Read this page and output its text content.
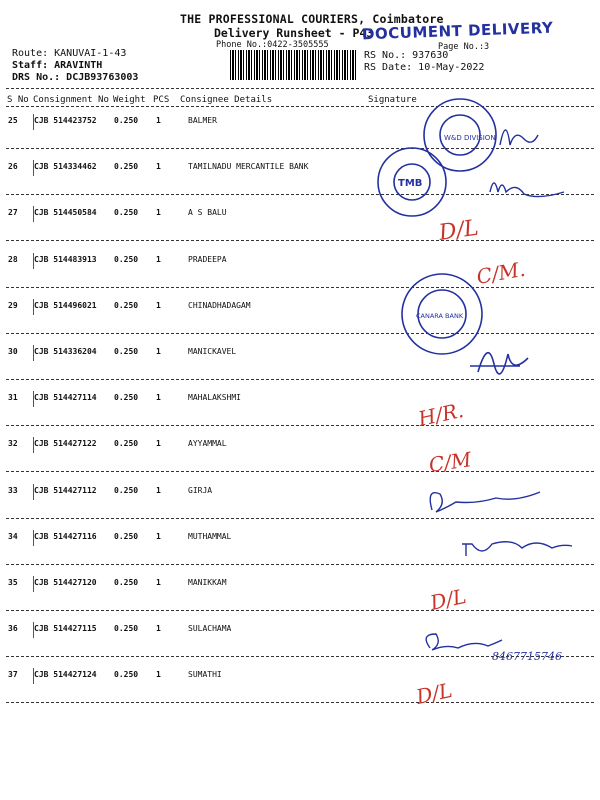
THE PROFESSIONAL COURIERS, Coimbatore
Delivery Runsheet - P43
Phone No.:0422-3505555
DOCUMENT DELIVERY
Page No.:3
Route: KANUVAI-1-43
Staff: ARAVINTH
DRS No.: DCJB93763003
RS No.: 937630
RS Date: 10-May-2022
S No Consignment No Weight PCS Consignee Details	Signature
25 CJB 514423752 0.250 1	BALMER
26 CJB 514334462 0.250 1	TAMILNADU MERCANTILE BANK
27 CJB 514450584 0.250 1	A S BALU
28 CJB 514483913 0.250 1	PRADEEPA
29 CJB 514496021 0.250 1	CHINADHADAGAM
30 CJB 514336204 0.250 1	MANICKAVEL
31 CJB 514427114 0.250 1	MAHALAKSHMI
32 CJB 514427122 0.250 1	AYYAMMAL
33 CJB 514427112 0.250 1	GIRJA
34 CJB 514427116 0.250 1	MUTHAMMAL
35 CJB 514427120 0.250 1	MANIKKAM
36 CJB 514427115 0.250 1	SULACHAMA
37 CJB 514427124 0.250 1	SUMATHI
W&D DIVISION
TMB
CANARA BANK
D/L
C/M.
H/R.
C/M
D/L
8467715746
D/L
